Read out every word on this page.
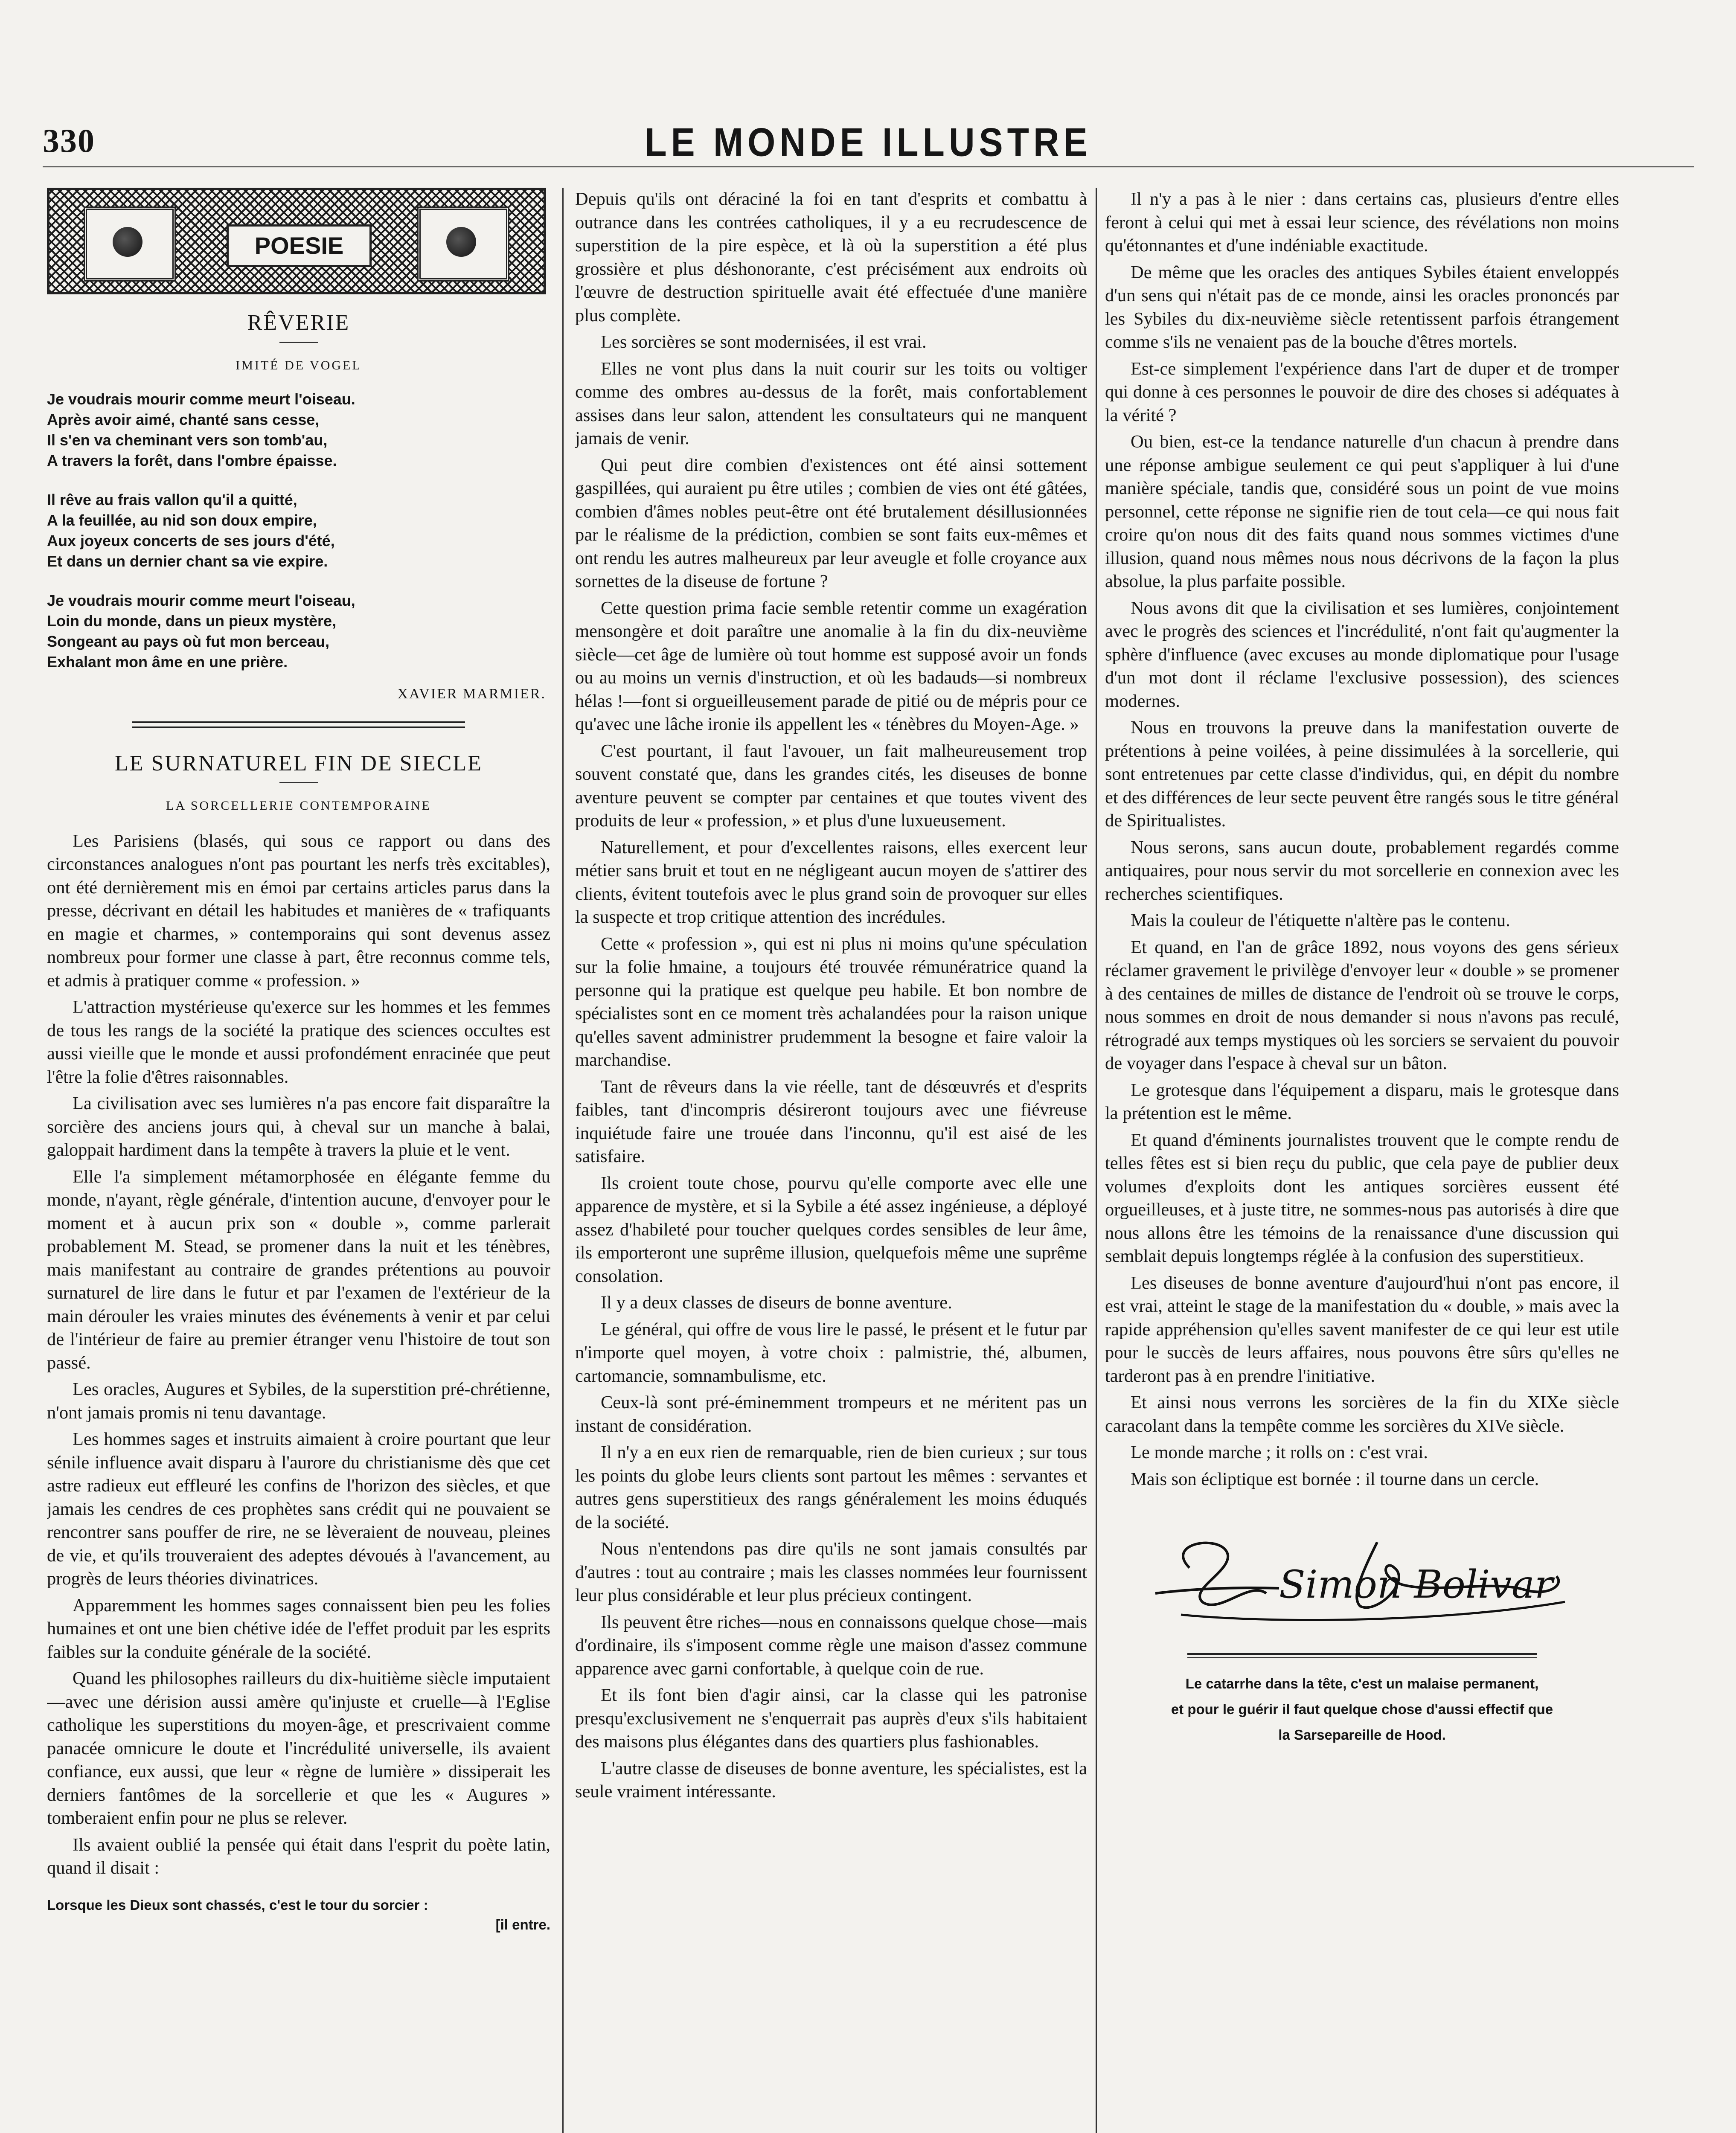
330	LE MONDE ILLUSTRE
POESIE
RÊVERIE
IMITÉ DE VOGEL
Je voudrais mourir comme meurt l'oiseau.
Après avoir aimé, chanté sans cesse,
Il s'en va cheminant vers son tomb'au,
A travers la forêt, dans l'ombre épaisse.
Il rêve au frais vallon qu'il a quitté,
A la feuillée, au nid son doux empire,
Aux joyeux concerts de ses jours d'été,
Et dans un dernier chant sa vie expire.
Je voudrais mourir comme meurt l'oiseau,
Loin du monde, dans un pieux mystère,
Songeant au pays où fut mon berceau,
Exhalant mon âme en une prière.
XAVIER MARMIER.
LE SURNATUREL FIN DE SIECLE
LA SORCELLERIE CONTEMPORAINE

Les Parisiens (blasés, qui sous ce rapport ou dans des circonstances analogues n'ont pas pourtant les nerfs très excitables), ont été dernièrement mis en émoi par certains articles parus dans la presse, décrivant en détail les habitudes et manières de « trafiquants en magie et charmes, » contemporains qui sont devenus assez nombreux pour former une classe à part, être reconnus comme tels, et admis à pratiquer comme « profession. »

L'attraction mystérieuse qu'exerce sur les hommes et les femmes de tous les rangs de la société la pratique des sciences occultes est aussi vieille que le monde et aussi profondément enracinée que peut l'être la folie d'êtres raisonnables.

La civilisation avec ses lumières n'a pas encore fait disparaître la sorcière des anciens jours qui, à cheval sur un manche à balai, galoppait hardiment dans la tempête à travers la pluie et le vent.

Elle l'a simplement métamorphosée en élégante femme du monde, n'ayant, règle générale, d'intention aucune, d'envoyer pour le moment et à aucun prix son « double », comme parlerait probablement M. Stead, se promener dans la nuit et les ténèbres, mais manifestant au contraire de grandes prétentions au pouvoir surnaturel de lire dans le futur et par l'examen de l'extérieur de la main dérouler les vraies minutes des événements à venir et par celui de l'intérieur de faire au premier étranger venu l'histoire de tout son passé.

Les oracles, Augures et Sybiles, de la superstition pré-chrétienne, n'ont jamais promis ni tenu davantage.

Les hommes sages et instruits aimaient à croire pourtant que leur sénile influence avait disparu à l'aurore du christianisme dès que cet astre radieux eut effleuré les confins de l'horizon des siècles, et que jamais les cendres de ces prophètes sans crédit qui ne pouvaient se rencontrer sans pouffer de rire, ne se lèveraient de nouveau, pleines de vie, et qu'ils trouveraient des adeptes dévoués à l'avancement, au progrès de leurs théories divinatrices.

Apparemment les hommes sages connaissent bien peu les folies humaines et ont une bien chétive idée de l'effet produit par les esprits faibles sur la conduite générale de la société.

Quand les philosophes railleurs du dix-huitième siècle imputaient—avec une dérision aussi amère qu'injuste et cruelle—à l'Eglise catholique les superstitions du moyen-âge, et prescrivaient comme panacée omnicure le doute et l'incrédulité universelle, ils avaient confiance, eux aussi, que leur « règne de lumière » dissiperait les derniers fantômes de la sorcellerie et que les « Augures » tomberaient enfin pour ne plus se relever.

Ils avaient oublié la pensée qui était dans l'esprit du poète latin, quand il disait :

Lorsque les Dieux sont chassés, c'est le tour du sorcier :
[il entre.

Depuis qu'ils ont déraciné la foi en tant d'esprits et combattu à outrance dans les contrées catholiques, il y a eu recrudescence de superstition de la pire espèce, et là où la superstition a été plus grossière et plus déshonorante, c'est précisément aux endroits où l'œuvre de destruction spirituelle avait été effectuée d'une manière plus complète.

Les sorcières se sont modernisées, il est vrai.

Elles ne vont plus dans la nuit courir sur les toits ou voltiger comme des ombres au-dessus de la forêt, mais confortablement assises dans leur salon, attendent les consultateurs qui ne manquent jamais de venir.

Qui peut dire combien d'existences ont été ainsi sottement gaspillées, qui auraient pu être utiles ; combien de vies ont été gâtées, combien d'âmes nobles peut-être ont été brutalement désillusionnées par le réalisme de la prédiction, combien se sont faits eux-mêmes et ont rendu les autres malheureux par leur aveugle et folle croyance aux sornettes de la diseuse de fortune ?

Cette question prima facie semble retentir comme un exagération mensongère et doit paraître une anomalie à la fin du dix-neuvième siècle—cet âge de lumière où tout homme est supposé avoir un fonds ou au moins un vernis d'instruction, et où les badauds—si nombreux hélas !—font si orgueilleusement parade de pitié ou de mépris pour ce qu'avec une lâche ironie ils appellent les « ténèbres du Moyen-Age. »

C'est pourtant, il faut l'avouer, un fait malheureusement trop souvent constaté que, dans les grandes cités, les diseuses de bonne aventure peuvent se compter par centaines et que toutes vivent des produits de leur « profession, » et plus d'une luxueusement.

Naturellement, et pour d'excellentes raisons, elles exercent leur métier sans bruit et tout en ne négligeant aucun moyen de s'attirer des clients, évitent toutefois avec le plus grand soin de provoquer sur elles la suspecte et trop critique attention des incrédules.

Cette « profession », qui est ni plus ni moins qu'une spéculation sur la folie hmaine, a toujours été trouvée rémunératrice quand la personne qui la pratique est quelque peu habile. Et bon nombre de spécialistes sont en ce moment très achalandées pour la raison unique qu'elles savent administrer prudemment la besogne et faire valoir la marchandise.

Tant de rêveurs dans la vie réelle, tant de désœuvrés et d'esprits faibles, tant d'incompris désireront toujours avec une fiévreuse inquiétude faire une trouée dans l'inconnu, qu'il est aisé de les satisfaire.

Ils croient toute chose, pourvu qu'elle comporte avec elle une apparence de mystère, et si la Sybile a été assez ingénieuse, a déployé assez d'habileté pour toucher quelques cordes sensibles de leur âme, ils emporteront une suprême illusion, quelquefois même une suprême consolation.

Il y a deux classes de diseurs de bonne aventure.

Le général, qui offre de vous lire le passé, le présent et le futur par n'importe quel moyen, à votre choix : palmistrie, thé, albumen, cartomancie, somnambulisme, etc.

Ceux-là sont pré-éminemment trompeurs et ne méritent pas un instant de considération.

Il n'y a en eux rien de remarquable, rien de bien curieux ; sur tous les points du globe leurs clients sont partout les mêmes : servantes et autres gens superstitieux des rangs généralement les moins éduqués de la société.

Nous n'entendons pas dire qu'ils ne sont jamais consultés par d'autres : tout au contraire ; mais les classes nommées leur fournissent leur plus considérable et leur plus précieux contingent.

Ils peuvent être riches—nous en connaissons quelque chose—mais d'ordinaire, ils s'imposent comme règle une maison d'assez commune apparence avec garni confortable, à quelque coin de rue.

Et ils font bien d'agir ainsi, car la classe qui les patronise presqu'exclusivement ne s'enquerrait pas auprès d'eux s'ils habitaient des maisons plus élégantes dans des quartiers plus fashionables.

L'autre classe de diseuses de bonne aventure, les spécialistes, est la seule vraiment intéressante.

Il n'y a pas à le nier : dans certains cas, plusieurs d'entre elles feront à celui qui met à essai leur science, des révélations non moins qu'étonnantes et d'une indéniable exactitude.

De même que les oracles des antiques Sybiles étaient enveloppés d'un sens qui n'était pas de ce monde, ainsi les oracles prononcés par les Sybiles du dix-neuvième siècle retentissent parfois étrangement comme s'ils ne venaient pas de la bouche d'êtres mortels.

Est-ce simplement l'expérience dans l'art de duper et de tromper qui donne à ces personnes le pouvoir de dire des choses si adéquates à la vérité ?

Ou bien, est-ce la tendance naturelle d'un chacun à prendre dans une réponse ambigue seulement ce qui peut s'appliquer à lui d'une manière spéciale, tandis que, considéré sous un point de vue moins personnel, cette réponse ne signifie rien de tout cela—ce qui nous fait croire qu'on nous dit des faits quand nous sommes victimes d'une illusion, quand nous mêmes nous nous décrivons de la façon la plus absolue, la plus parfaite possible.

Nous avons dit que la civilisation et ses lumières, conjointement avec le progrès des sciences et l'incrédulité, n'ont fait qu'augmenter la sphère d'influence (avec excuses au monde diplomatique pour l'usage d'un mot dont il réclame l'exclusive possession), des sciences modernes.

Nous en trouvons la preuve dans la manifestation ouverte de prétentions à peine voilées, à peine dissimulées à la sorcellerie, qui sont entretenues par cette classe d'individus, qui, en dépit du nombre et des différences de leur secte peuvent être rangés sous le titre général de Spiritualistes.

Nous serons, sans aucun doute, probablement regardés comme antiquaires, pour nous servir du mot sorcellerie en connexion avec les recherches scientifiques.

Mais la couleur de l'étiquette n'altère pas le contenu.

Et quand, en l'an de grâce 1892, nous voyons des gens sérieux réclamer gravement le privilège d'envoyer leur « double » se promener à des centaines de milles de distance de l'endroit où se trouve le corps, nous sommes en droit de nous demander si nous n'avons pas reculé, rétrogradé aux temps mystiques où les sorciers se servaient du pouvoir de voyager dans l'espace à cheval sur un bâton.

Le grotesque dans l'équipement a disparu, mais le grotesque dans la prétention est le même.

Et quand d'éminents journalistes trouvent que le compte rendu de telles fêtes est si bien reçu du public, que cela paye de publier deux volumes d'exploits dont les antiques sorcières eussent été orgueilleuses, et à juste titre, ne sommes-nous pas autorisés à dire que nous allons être les témoins de la renaissance d'une discussion qui semblait depuis longtemps réglée à la confusion des superstitieux.

Les diseuses de bonne aventure d'aujourd'hui n'ont pas encore, il est vrai, atteint le stage de la manifestation du « double, » mais avec la rapide appréhension qu'elles savent manifester de ce qui leur est utile pour le succès de leurs affaires, nous pouvons être sûrs qu'elles ne tarderont pas à en prendre l'initiative.

Et ainsi nous verrons les sorcières de la fin du XIXe siècle caracolant dans la tempête comme les sorcières du XIVe siècle.

Le monde marche ; it rolls on : c'est vrai.

Mais son écliptique est bornée : il tourne dans un cercle.

Simon Bolivar
Le catarrhe dans la tête, c'est un malaise permanent,
et pour le guérir il faut quelque chose d'aussi effectif que
la Sarsepareille de Hood.
